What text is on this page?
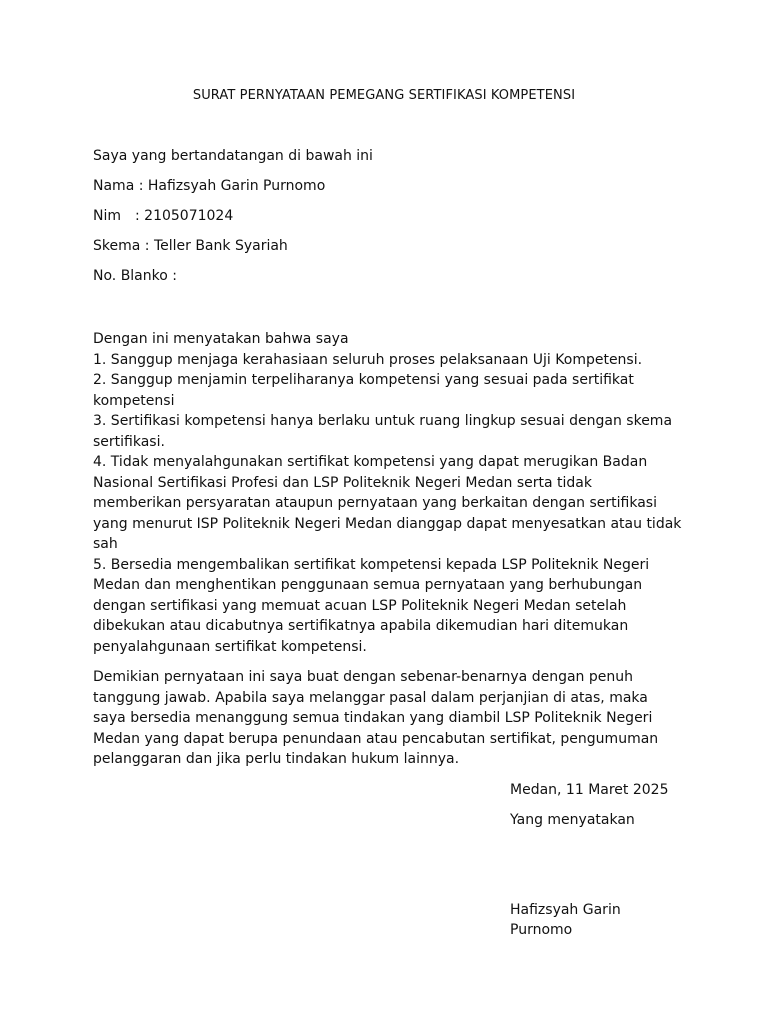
SURAT PERNYATAAN PEMEGANG SERTIFIKASI KOMPETENSI
Saya yang bertandatangan di bawah ini
Nama : Hafizsyah Garin Purnomo
Nim : 2105071024
Skema : Teller Bank Syariah
No. Blanko :

Dengan ini menyatakan bahwa saya

1. Sanggup menjaga kerahasiaan seluruh proses pelaksanaan Uji Kompetensi.

2. Sanggup menjamin terpeliharanya kompetensi yang sesuai pada sertifikat kompetensi

3. Sertifikasi kompetensi hanya berlaku untuk ruang lingkup sesuai dengan skema sertifikasi.

4. Tidak menyalahgunakan sertifikat kompetensi yang dapat merugikan Badan Nasional Sertifikasi Profesi dan LSP Politeknik Negeri Medan serta tidak memberikan persyaratan ataupun pernyataan yang berkaitan dengan sertifikasi yang menurut ISP Politeknik Negeri Medan dianggap dapat menyesatkan atau tidak sah

5. Bersedia mengembalikan sertifikat kompetensi kepada LSP Politeknik Negeri Medan dan menghentikan penggunaan semua pernyataan yang berhubungan dengan sertifikasi yang memuat acuan LSP Politeknik Negeri Medan setelah dibekukan atau dicabutnya sertifikatnya apabila dikemudian hari ditemukan penyalahgunaan sertifikat kompetensi.

Demikian pernyataan ini saya buat dengan sebenar-benarnya dengan penuh tanggung jawab. Apabila saya melanggar pasal dalam perjanjian di atas, maka saya bersedia menanggung semua tindakan yang diambil LSP Politeknik Negeri Medan yang dapat berupa penundaan atau pencabutan sertifikat, pengumuman pelanggaran dan jika perlu tindakan hukum lainnya.
Medan, 11 Maret 2025
Yang menyatakan
Hafizsyah Garin
Purnomo
